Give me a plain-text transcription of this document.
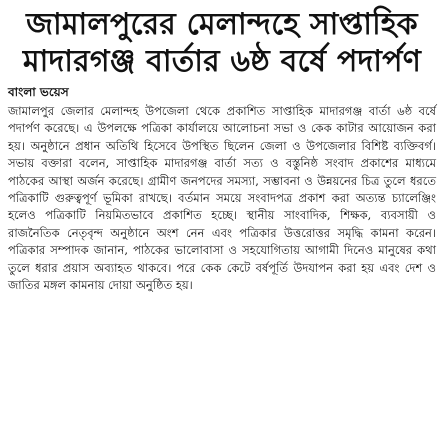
জামালপুরের মেলান্দহে সাপ্তাহিক
মাদারগঞ্জ বার্তার ৬ষ্ঠ বর্ষে পদার্পণ
বাংলা ভয়েস

জামালপুর জেলার মেলান্দহ উপজেলা থেকে প্রকাশিত সাপ্তাহিক মাদারগঞ্জ বার্তা ৬ষ্ঠ বর্ষে পদার্পণ করেছে। এ উপলক্ষে পত্রিকা কার্যালয়ে আলোচনা সভা ও কেক কাটার আয়োজন করা হয়। অনুষ্ঠানে প্রধান অতিথি হিসেবে উপস্থিত ছিলেন জেলা ও উপজেলার বিশিষ্ট ব্যক্তিবর্গ। সভায় বক্তারা বলেন, সাপ্তাহিক মাদারগঞ্জ বার্তা সত্য ও বস্তুনিষ্ঠ সংবাদ প্রকাশের মাধ্যমে পাঠকের আস্থা অর্জন করেছে। গ্রামীণ জনপদের সমস্যা, সম্ভাবনা ও উন্নয়নের চিত্র তুলে ধরতে পত্রিকাটি গুরুত্বপূর্ণ ভূমিকা রাখছে। বর্তমান সময়ে সংবাদপত্র প্রকাশ করা অত্যন্ত চ্যালেঞ্জিং হলেও পত্রিকাটি নিয়মিতভাবে প্রকাশিত হচ্ছে। স্থানীয় সাংবাদিক, শিক্ষক, ব্যবসায়ী ও রাজনৈতিক নেতৃবৃন্দ অনুষ্ঠানে অংশ নেন এবং পত্রিকার উত্তরোত্তর সমৃদ্ধি কামনা করেন। পত্রিকার সম্পাদক জানান, পাঠকের ভালোবাসা ও সহযোগিতায় আগামী দিনেও মানুষের কথা তুলে ধরার প্রয়াস অব্যাহত থাকবে। পরে কেক কেটে বর্ষপূর্তি উদযাপন করা হয় এবং দেশ ও জাতির মঙ্গল কামনায় দোয়া অনুষ্ঠিত হয়।
